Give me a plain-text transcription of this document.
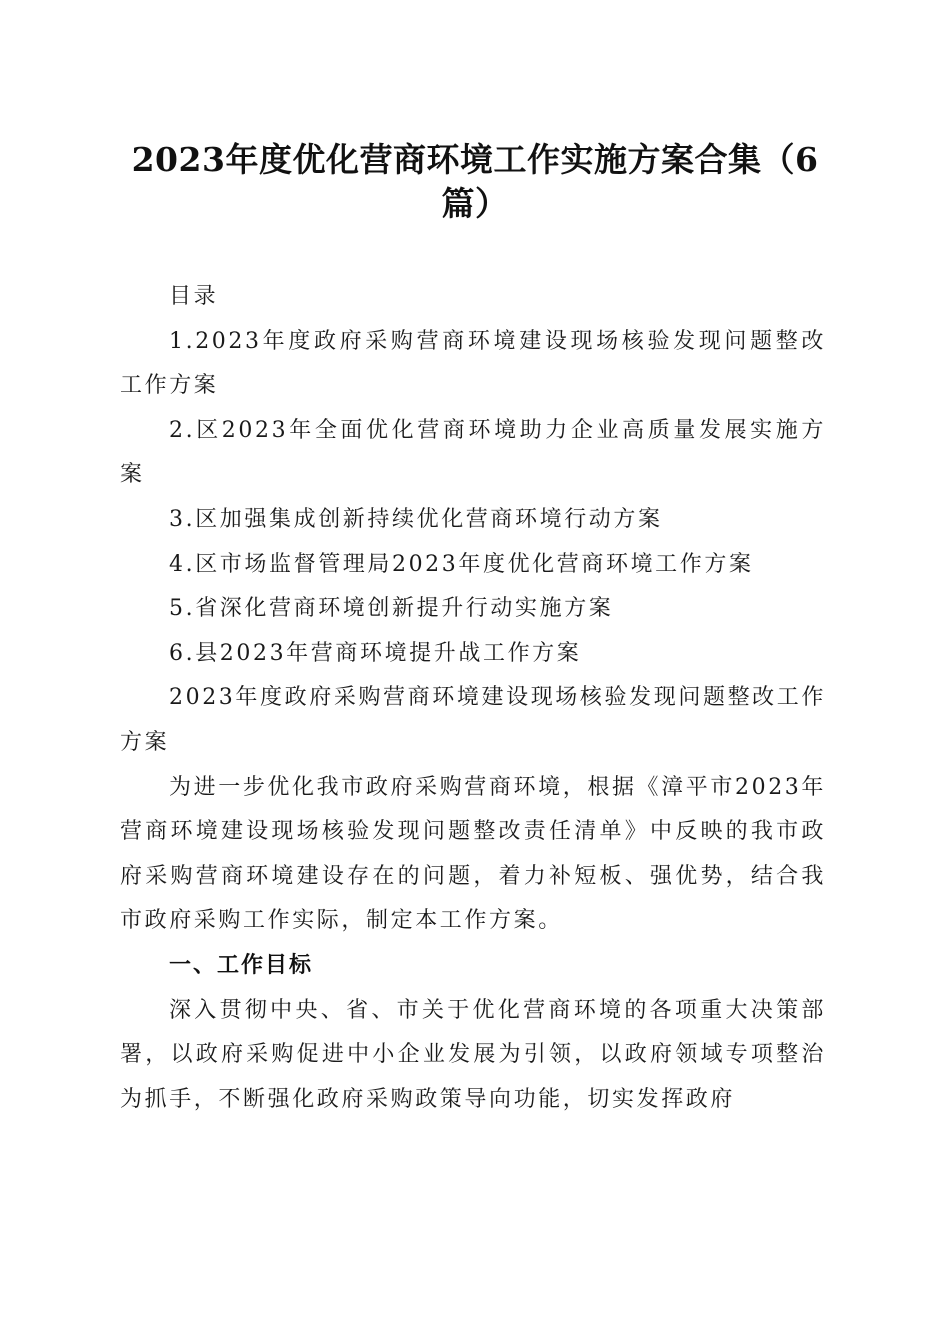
2023年度优化营商环境工作实施方案合集（6篇）

目录

1.2023年度政府采购营商环境建设现场核验发现问题整改工作方案

2.区2023年全面优化营商环境助力企业高质量发展实施方案

3.区加强集成创新持续优化营商环境行动方案

4.区市场监督管理局2023年度优化营商环境工作方案

5.省深化营商环境创新提升行动实施方案

6.县2023年营商环境提升战工作方案

2023年度政府采购营商环境建设现场核验发现问题整改工作方案

为进一步优化我市政府采购营商环境，根据《漳平市2023年营商环境建设现场核验发现问题整改责任清单》中反映的我市政府采购营商环境建设存在的问题，着力补短板、强优势，结合我市政府采购工作实际，制定本工作方案。

一、工作目标

深入贯彻中央、省、市关于优化营商环境的各项重大决策部署，以政府采购促进中小企业发展为引领，以政府领域专项整治为抓手，不断强化政府采购政策导向功能，切实发挥政府
